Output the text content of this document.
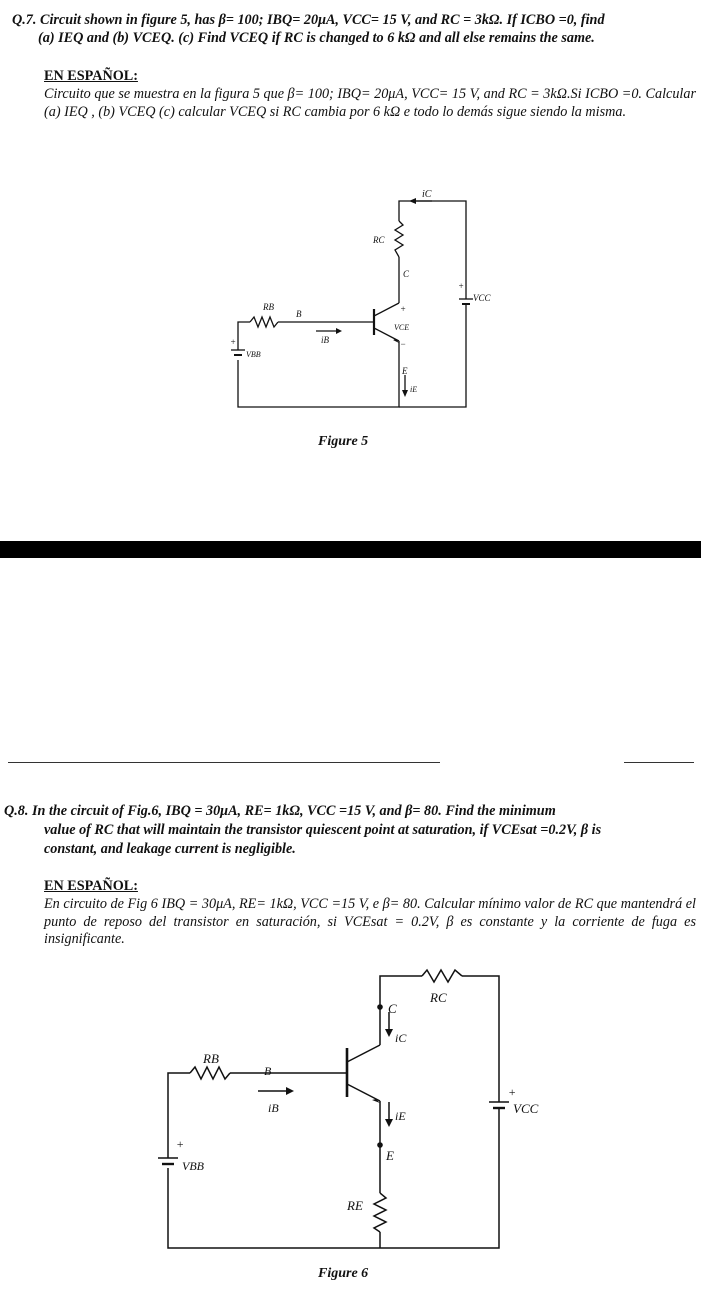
Q.7. Circuit shown in figure 5, has β= 100; IBQ= 20μA, VCC= 15 V, and RC = 3kΩ. If ICBO =0, find
(a) IEQ and (b) VCEQ. (c) Find VCEQ if RC is changed to 6 kΩ and all else remains the same.
EN ESPAÑOL:
Circuito que se muestra en la figura 5 que β= 100; IBQ= 20μA, VCC= 15 V, and RC = 3kΩ.Si ICBO =0. Calcular (a) IEQ , (b) VCEQ (c) calcular VCEQ si RC cambia por 6 kΩ e todo lo demás sigue siendo la misma.
iC
RC
C
+
VCC
RB
B	+
VCE
−
iB
+
VBB
E
iE
Figure 5
Q.8. In the circuit of Fig.6, IBQ = 30μA, RE= 1kΩ, VCC =15 V, and β= 80. Find the minimum
value of RC that will maintain the transistor quiescent point at saturation, if VCEsat =0.2V, β is
constant, and leakage current is negligible.
EN ESPAÑOL:
En circuito de Fig 6 IBQ = 30μA, RE= 1kΩ, VCC =15 V, e β= 80. Calcular mínimo valor de RC que mantendrá el punto de reposo del transistor en saturación, si VCEsat = 0.2V, β es constante y la corriente de fuga es insignificante.
RC
C
iC
RB
B
iB
iE
+
VCC
+
VBB
E
RE
Figure 6
